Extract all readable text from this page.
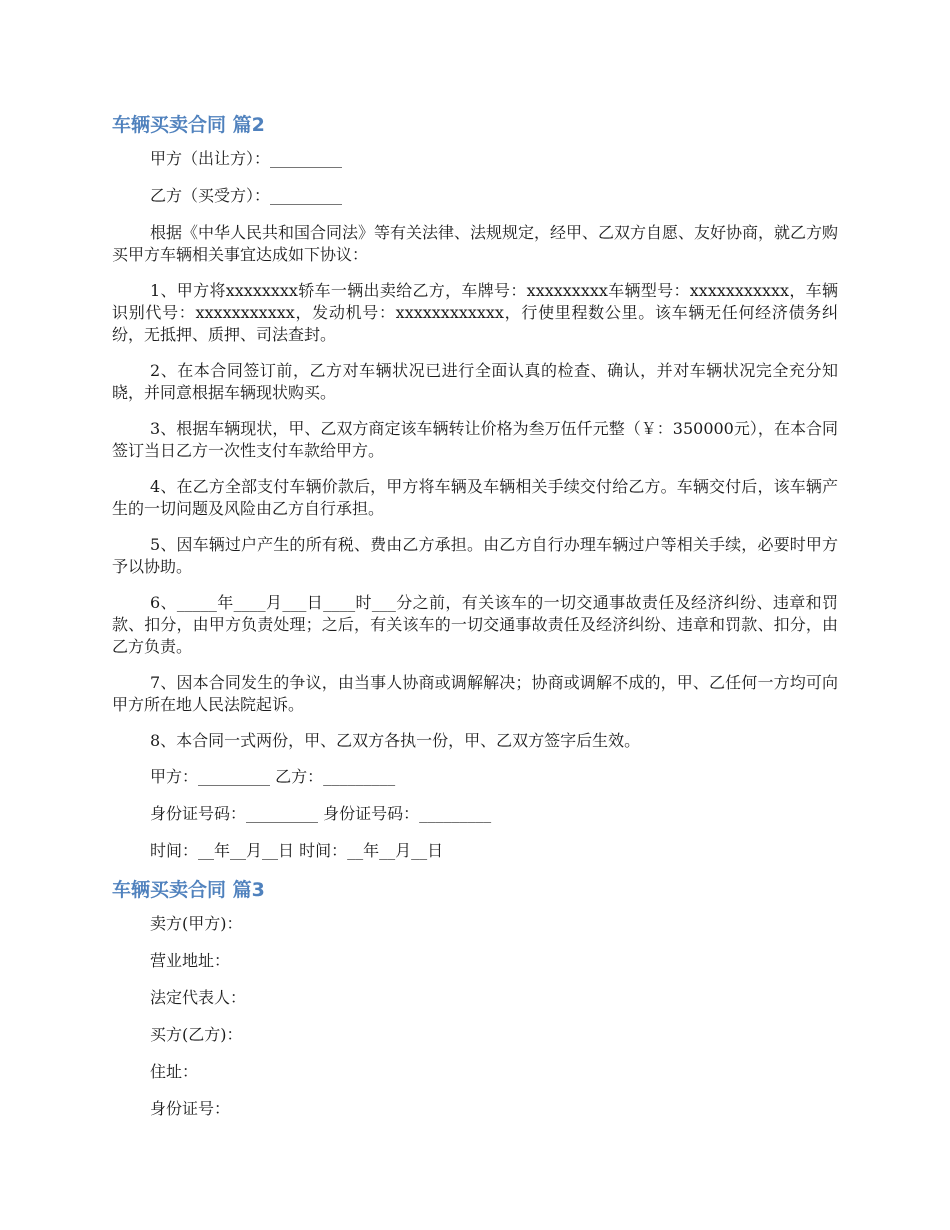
车辆买卖合同 篇2
甲方（出让方）：_________
乙方（买受方）：_________
根据《中华人民共和国合同法》等有关法律、法规规定，经甲、乙双方自愿、友好协商，就乙方购买甲方车辆相关事宜达成如下协议：
1、甲方将xxxxxxxx轿车一辆出卖给乙方，车牌号：xxxxxxxxx车辆型号：xxxxxxxxxxx，车辆识别代号：xxxxxxxxxxx，发动机号：xxxxxxxxxxxx，行使里程数公里。该车辆无任何经济债务纠纷，无抵押、质押、司法查封。
2、在本合同签订前，乙方对车辆状况已进行全面认真的检查、确认，并对车辆状况完全充分知晓，并同意根据车辆现状购买。
3、根据车辆现状，甲、乙双方商定该车辆转让价格为叁万伍仟元整（￥：350000元），在本合同签订当日乙方一次性支付车款给甲方。
4、在乙方全部支付车辆价款后，甲方将车辆及车辆相关手续交付给乙方。车辆交付后，该车辆产生的一切问题及风险由乙方自行承担。
5、因车辆过户产生的所有税、费由乙方承担。由乙方自行办理车辆过户等相关手续，必要时甲方予以协助。
6、_____年____月___日____时___分之前，有关该车的一切交通事故责任及经济纠纷、违章和罚款、扣分，由甲方负责处理；之后，有关该车的一切交通事故责任及经济纠纷、违章和罚款、扣分，由乙方负责。
7、因本合同发生的争议，由当事人协商或调解解决；协商或调解不成的，甲、乙任何一方均可向甲方所在地人民法院起诉。
8、本合同一式两份，甲、乙双方各执一份，甲、乙双方签字后生效。
甲方：_________ 乙方：_________
身份证号码：_________ 身份证号码：_________
时间：__年__月__日 时间：__年__月__日
车辆买卖合同 篇3
卖方(甲方)：
营业地址：
法定代表人：
买方(乙方)：
住址：
身份证号：
